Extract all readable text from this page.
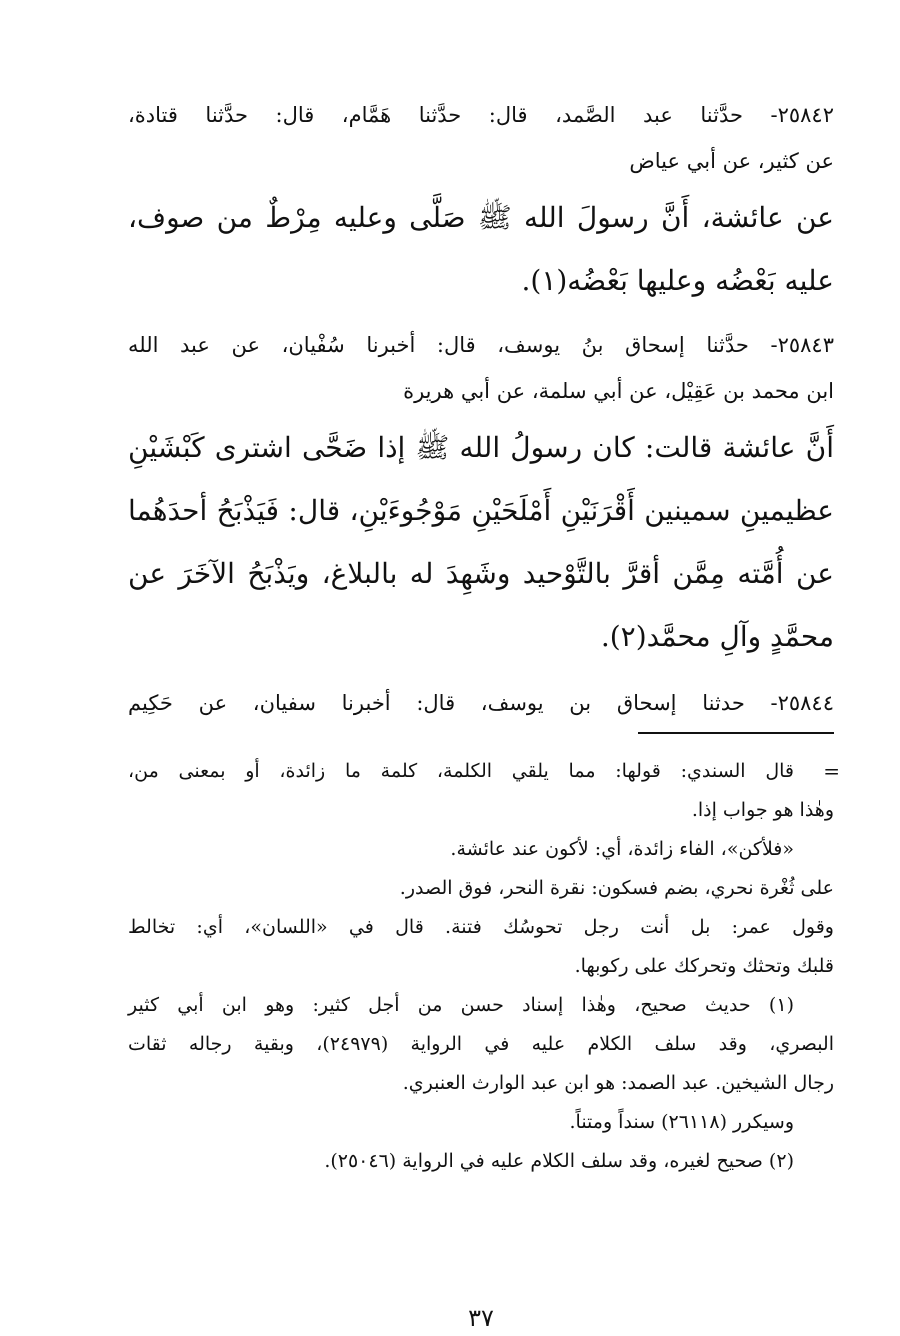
٢٥٨٤٢- حدَّثنا عبد الصَّمد، قال: حدَّثنا هَمَّام، قال: حدَّثنا قتادة،
عن كثير، عن أبي عياض
عن عائشة، أَنَّ رسولَ الله ﷺ صَلَّى وعليه مِرْطٌ من صوف،
عليه بَعْضُه وعليها بَعْضُه(١).
٢٥٨٤٣- حدَّثنا إسحاق بنُ يوسف، قال: أخبرنا سُفْيان، عن عبد الله
ابن محمد بن عَقِيْل، عن أبي سلمة، عن أبي هريرة
أَنَّ عائشة قالت: كان رسولُ الله ﷺ إذا ضَحَّى اشترى كَبْشَيْنِ
عظيمينِ سمينين أَقْرَنَيْنِ أَمْلَحَيْنِ مَوْجُوءَيْنِ، قال: فَيَذْبَحُ أحدَهُما
عن أُمَّته مِمَّن أقرَّ بالتَّوْحيد وشَهِدَ له بالبلاغ، ويَذْبَحُ الآخَرَ عن
محمَّدٍ وآلِ محمَّد(٢).
٢٥٨٤٤- حدثنا إسحاق بن يوسف، قال: أخبرنا سفيان، عن حَكِيم
=
قال السندي: قولها: مما يلقي الكلمة، كلمة ما زائدة، أو بمعنى من،
وهٰذا هو جواب إذا.
«فلأكن»، الفاء زائدة، أي: لأكون عند عائشة.
على ثُغْرة نحري، بضم فسكون: نقرة النحر، فوق الصدر.
وقول عمر: بل أنت رجل تحوسُك فتنة. قال في «اللسان»، أي: تخالط
قلبك وتحثك وتحركك على ركوبها.
(١) حديث صحيح، وهٰذا إسناد حسن من أجل كثير: وهو ابن أبي كثير
البصري، وقد سلف الكلام عليه في الرواية (٢٤٩٧٩)، وبقية رجاله ثقات
رجال الشيخين. عبد الصمد: هو ابن عبد الوارث العنبري.
وسيكرر (٢٦١١٨) سنداً ومتناً.
(٢) صحيح لغيره، وقد سلف الكلام عليه في الرواية (٢٥٠٤٦).
٣٧
